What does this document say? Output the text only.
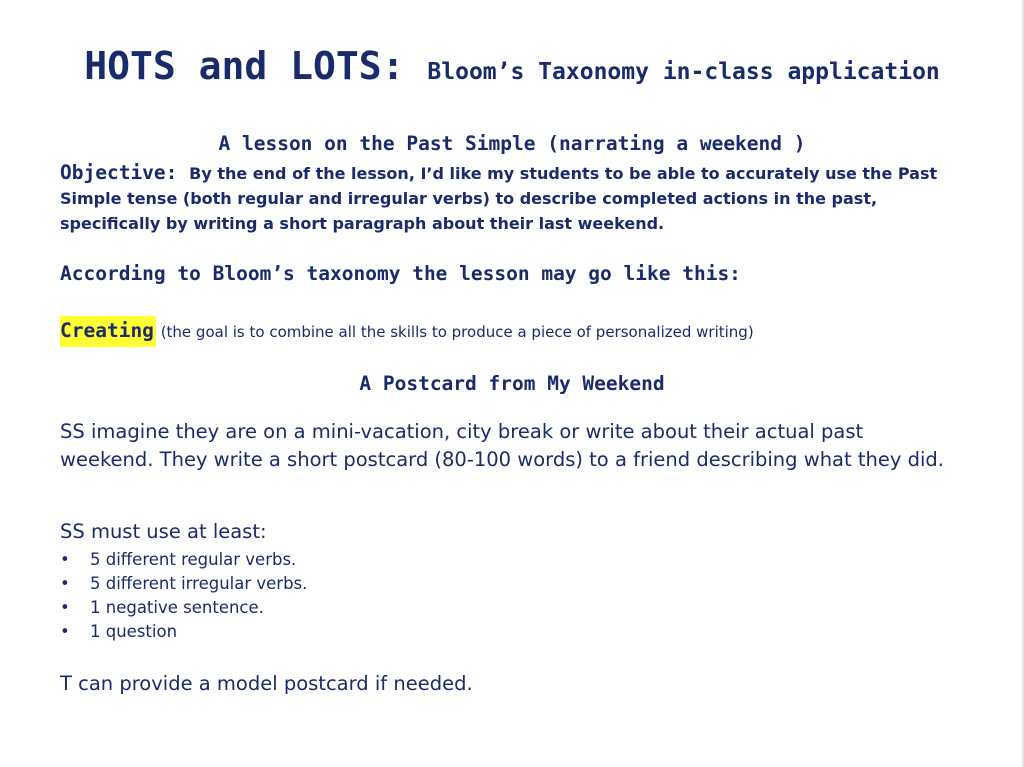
HOTS and LOTS: Bloom’s Taxonomy in-class application
A lesson on the Past Simple (narrating a weekend )
Objective: By the end of the lesson, I’d like my students to be able to accurately use the Past Simple tense (both regular and irregular verbs) to describe completed actions in the past, specifically by writing a short paragraph about their last weekend.
According to Bloom’s taxonomy the lesson may go like this:
Creating (the goal is to combine all the skills to produce a piece of personalized writing)
A Postcard from My Weekend
SS imagine they are on a mini-vacation, city break or write about their actual past weekend. They write a short postcard (80-100 words) to a friend describing what they did.
SS must use at least:
• 5 different regular verbs.
• 5 different irregular verbs.
• 1 negative sentence.
• 1 question
T can provide a model postcard if needed.
